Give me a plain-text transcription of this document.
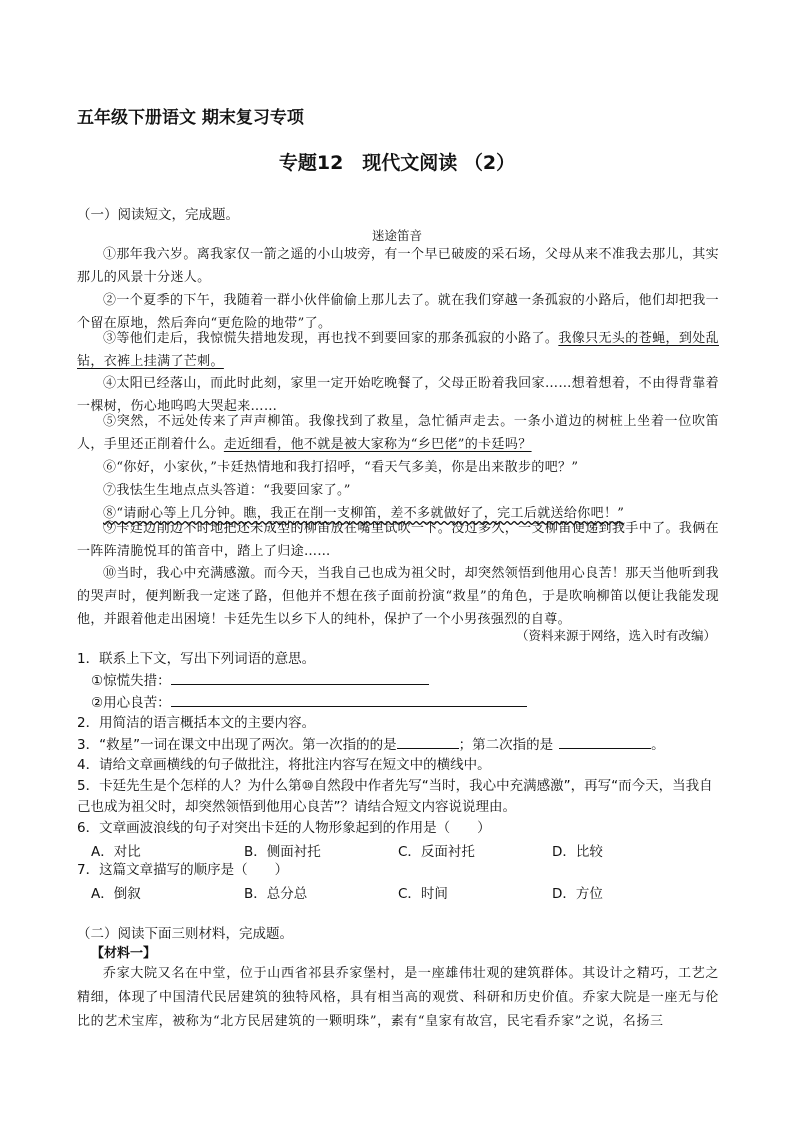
五年级下册语文 期末复习专项
专题12　现代文阅读 （2）
（一）阅读短文，完成题。
迷途笛音
①那年我六岁。离我家仅一箭之遥的小山坡旁，有一个早已破废的采石场，父母从来不准我去那儿，其实那儿的风景十分迷人。
②一个夏季的下午，我随着一群小伙伴偷偷上那儿去了。就在我们穿越一条孤寂的小路后，他们却把我一个留在原地，然后奔向“更危险的地带”了。
③等他们走后，我惊慌失措地发现，再也找不到要回家的那条孤寂的小路了。我像只无头的苍蝇，到处乱钻，衣裤上挂满了芒刺。
④太阳已经落山，而此时此刻，家里一定开始吃晚餐了，父母正盼着我回家……想着想着，不由得背靠着一棵树，伤心地呜呜大哭起来……
⑤突然，不远处传来了声声柳笛。我像找到了救星，急忙循声走去。一条小道边的树桩上坐着一位吹笛人，手里还正削着什么。走近细看，他不就是被大家称为“乡巴佬”的卡廷吗？
⑥“你好，小家伙，”卡廷热情地和我打招呼，“看天气多美，你是出来散步的吧？”
⑦我怯生生地点点头答道：“我要回家了。”
⑧“请耐心等上几分钟。瞧，我正在削一支柳笛，差不多就做好了，完工后就送给你吧！”
⑨卡廷边削边不时地把还未成型的柳笛放在嘴里试吹一下。没过多久，一支柳笛便递到我手中了。我俩在一阵阵清脆悦耳的笛音中，踏上了归途……
⑩当时，我心中充满感激。而今天，当我自己也成为祖父时，却突然领悟到他用心良苦！那天当他听到我的哭声时，便判断我一定迷了路，但他并不想在孩子面前扮演“救星”的角色，于是吹响柳笛以便让我能发现他，并跟着他走出困境！卡廷先生以乡下人的纯朴，保护了一个小男孩强烈的自尊。
（资料来源于网络，选入时有改编）
1．联系上下文，写出下列词语的意思。
①惊慌失措：
②用心良苦：
2．用简洁的语言概括本文的主要内容。
3．“救星”一词在课文中出现了两次。第一次指的的是	；第二次指的是	。
4．请给文章画横线的句子做批注，将批注内容写在短文中的横线中。
5．卡廷先生是个怎样的人？为什么第⑩自然段中作者先写“当时，我心中充满感激”，再写“而今天，当我自己也成为祖父时，却突然领悟到他用心良苦”？请结合短文内容说说理由。
6．文章画波浪线的句子对突出卡廷的人物形象起到的作用是（　　）
A．对比	B．侧面衬托	C．反面衬托	D．比较
7．这篇文章描写的顺序是（　　）
A．倒叙	B．总分总	C．时间	D．方位
（二）阅读下面三则材料，完成题。
【材料一】
乔家大院又名在中堂，位于山西省祁县乔家堡村，是一座雄伟壮观的建筑群体。其设计之精巧，工艺之精细，体现了中国清代民居建筑的独特风格，具有相当高的观赏、科研和历史价值。乔家大院是一座无与伦比的艺术宝库，被称为“北方民居建筑的一颗明珠”，素有“皇家有故宫，民宅看乔家”之说，名扬三
